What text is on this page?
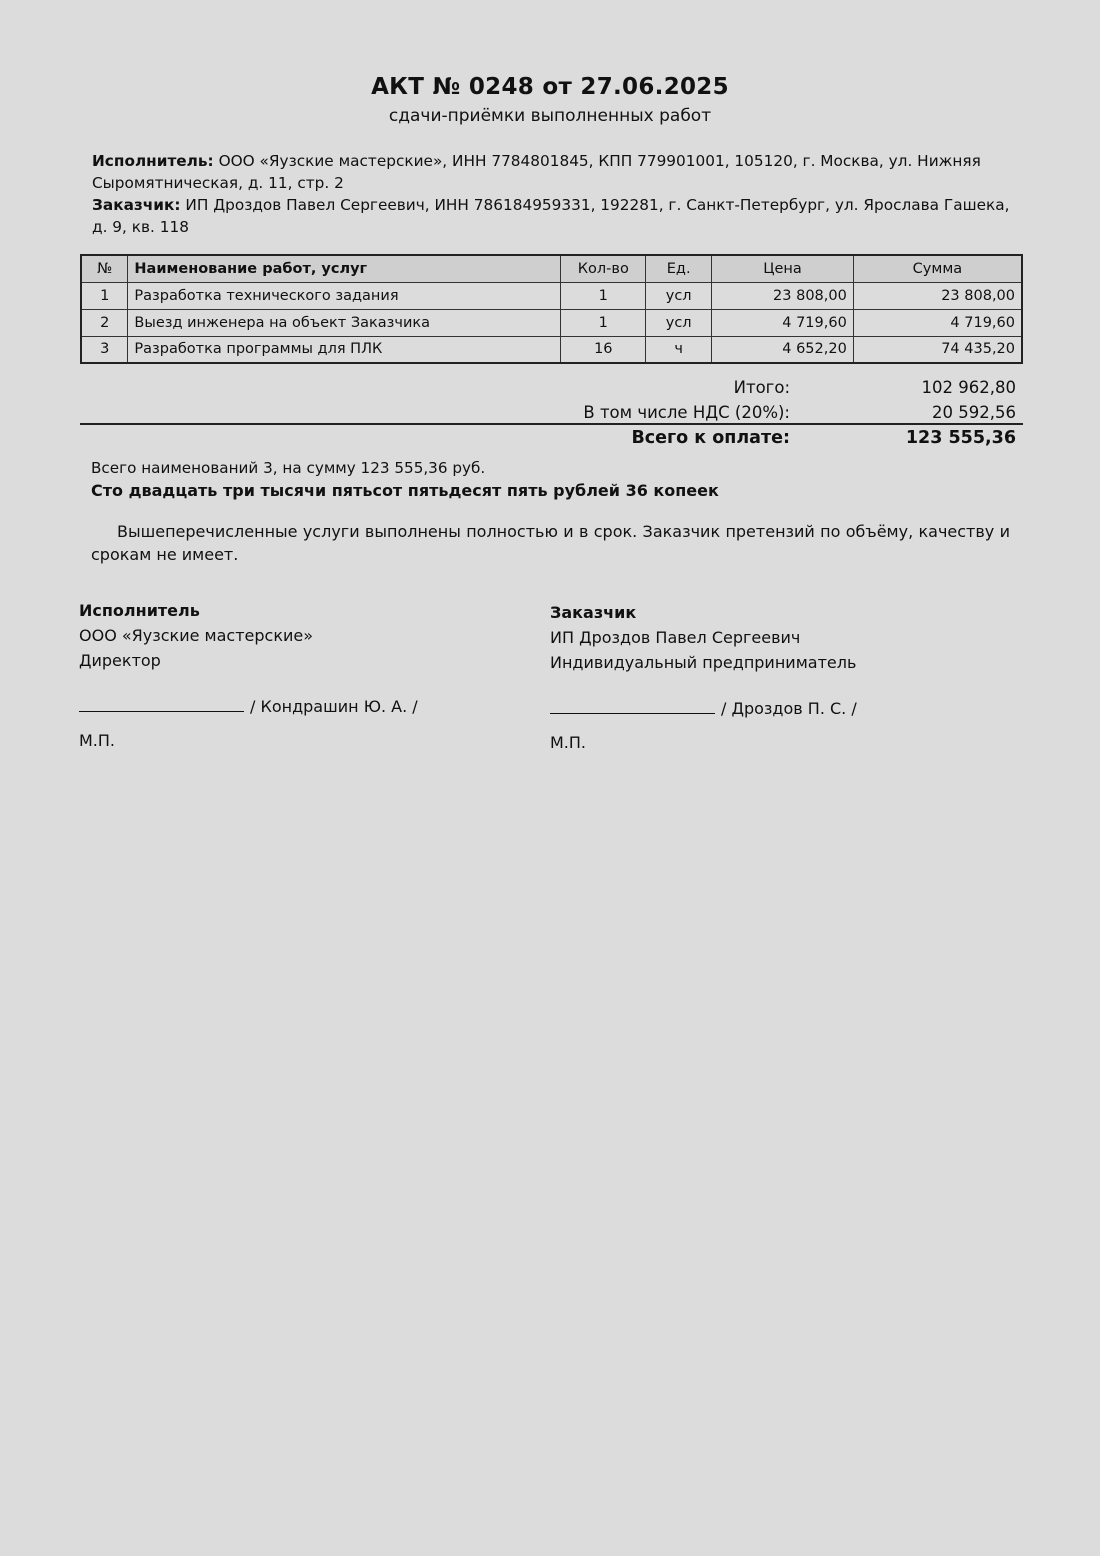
АКТ № 0248 от 27.06.2025
сдачи-приёмки выполненных работ
Исполнитель: ООО «Яузские мастерские», ИНН 7784801845, КПП 779901001, 105120, г. Москва, ул. Нижняя Сыромятническая, д. 11, стр. 2
Заказчик: ИП Дроздов Павел Сергеевич, ИНН 786184959331, 192281, г. Санкт-Петербург, ул. Ярослава Гашека, д. 9, кв. 118
№	Наименование работ, услуг	Кол-во	Ед.	Цена	Сумма
1	Разработка технического задания	1	усл	23 808,00	23 808,00
2	Выезд инженера на объект Заказчика	1	усл	4 719,60	4 719,60
3	Разработка программы для ПЛК	16	ч	4 652,20	74 435,20
Итого:	102 962,80
В том числе НДС (20%):	20 592,56
Всего к оплате:	123 555,36
Всего наименований 3, на сумму 123 555,36 руб.
Сто двадцать три тысячи пятьсот пятьдесят пять рублей 36 копеек
Вышеперечисленные услуги выполнены полностью и в срок. Заказчик претензий по объёму, качеству и срокам не имеет.
Исполнитель
ООО «Яузские мастерские»
Директор
/ Кондрашин Ю. А. /
М.П.
Заказчик
ИП Дроздов Павел Сергеевич
Индивидуальный предприниматель
/ Дроздов П. С. /
М.П.
